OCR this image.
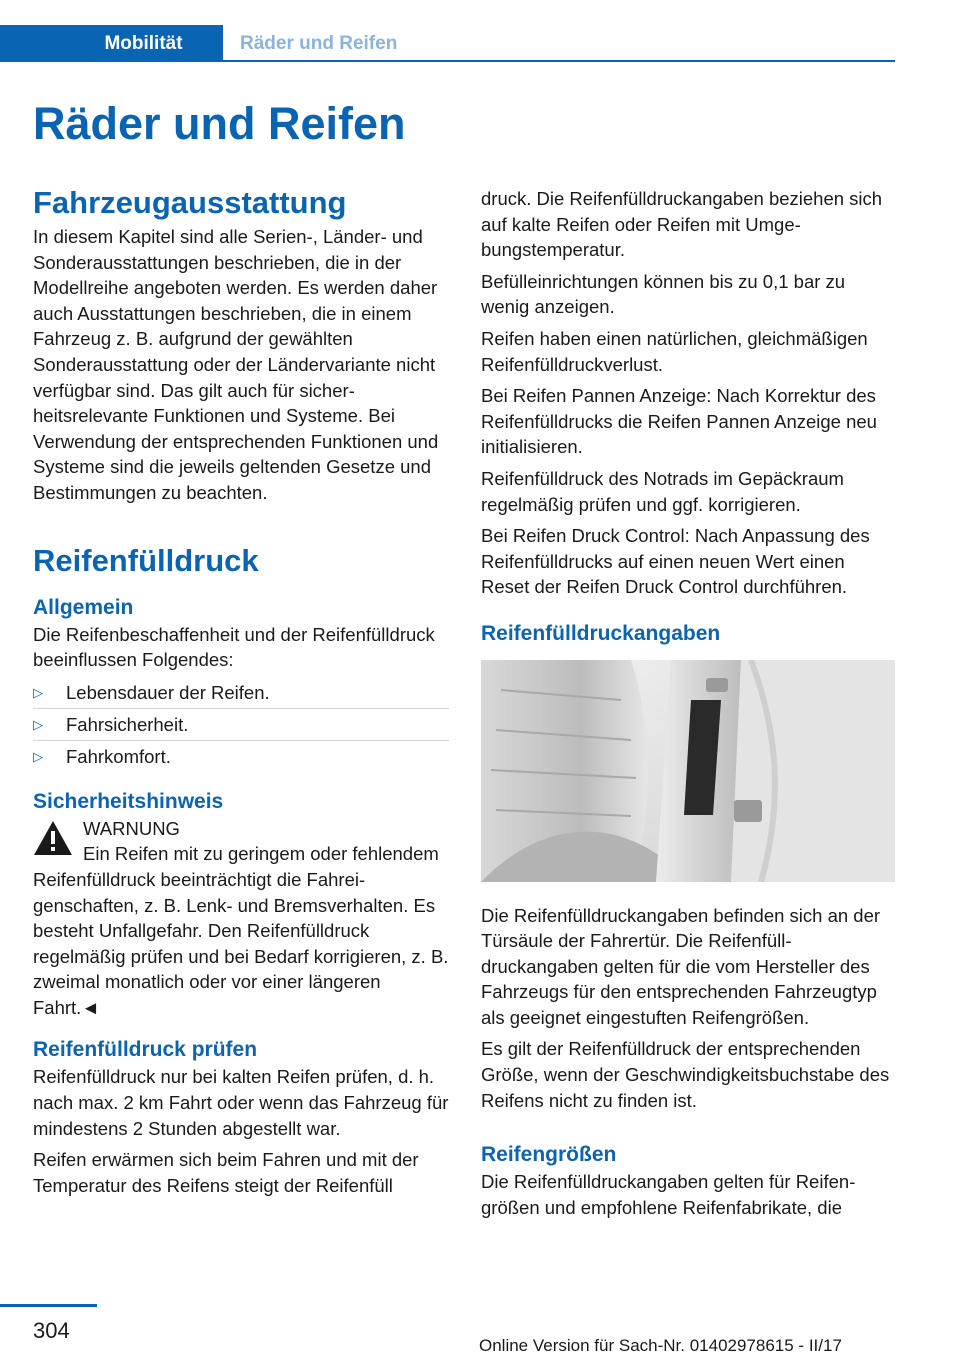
Mobilität	Räder und Reifen
Räder und Reifen
Fahrzeugausstattung

In diesem Kapitel sind alle Serien-, Länder- und Sonderausstattungen beschrieben, die in der Modellreihe angeboten werden. Es werden daher auch Ausstattungen beschrieben, die in einem Fahrzeug z. B. aufgrund der gewählten Sonderausstattung oder der Ländervariante nicht verfügbar sind. Das gilt auch für sicherheitsrelevante Funktionen und Systeme. Bei Verwendung der entsprechenden Funktionen und Systeme sind die jeweils geltenden Gesetze und Bestimmungen zu beachten.

Reifenfülldruck
Allgemein

Die Reifenbeschaffenheit und der Reifenfülldruck beeinflussen Folgendes:

▷ Lebensdauer der Reifen.
▷ Fahrsicherheit.
▷ Fahrkomfort.
Sicherheitshinweis
WARNUNG

Ein Reifen mit zu geringem oder fehlendem Reifenfülldruck beeinträchtigt die Fahreigenschaften, z. B. Lenk- und Bremsverhalten. Es besteht Unfallgefahr. Den Reifenfülldruck regelmäßig prüfen und bei Bedarf korrigieren, z. B. zweimal monatlich oder vor einer längeren Fahrt.◄

Reifenfülldruck prüfen

Reifenfülldruck nur bei kalten Reifen prüfen, d. h. nach max. 2 km Fahrt oder wenn das Fahrzeug für mindestens 2 Stunden abgestellt war.

Reifen erwärmen sich beim Fahren und mit der Temperatur des Reifens steigt der Reifenfüll

druck. Die Reifenfülldruckangaben beziehen sich auf kalte Reifen oder Reifen mit Umgebungstemperatur.

Befülleinrichtungen können bis zu 0,1 bar zu wenig anzeigen.

Reifen haben einen natürlichen, gleichmäßigen Reifenfülldruckverlust.

Bei Reifen Pannen Anzeige: Nach Korrektur des Reifenfülldrucks die Reifen Pannen Anzeige neu initialisieren.

Reifenfülldruck des Notrads im Gepäckraum regelmäßig prüfen und ggf. korrigieren.

Bei Reifen Druck Control: Nach Anpassung des Reifenfülldrucks auf einen neuen Wert einen Reset der Reifen Druck Control durchführen.

Reifenfülldruckangaben

Die Reifenfülldruckangaben befinden sich an der Türsäule der Fahrertür. Die Reifenfülldruckangaben gelten für die vom Hersteller des Fahrzeugs für den entsprechenden Fahrzeugtyp als geeignet eingestuften Reifengrößen.

Es gilt der Reifenfülldruck der entsprechenden Größe, wenn der Geschwindigkeitsbuchstabe des Reifens nicht zu finden ist.

Reifengrößen

Die Reifenfülldruckangaben gelten für Reifengrößen und empfohlene Reifenfabrikate, die

304
Online Version für Sach-Nr. 01402978615 - II/17
